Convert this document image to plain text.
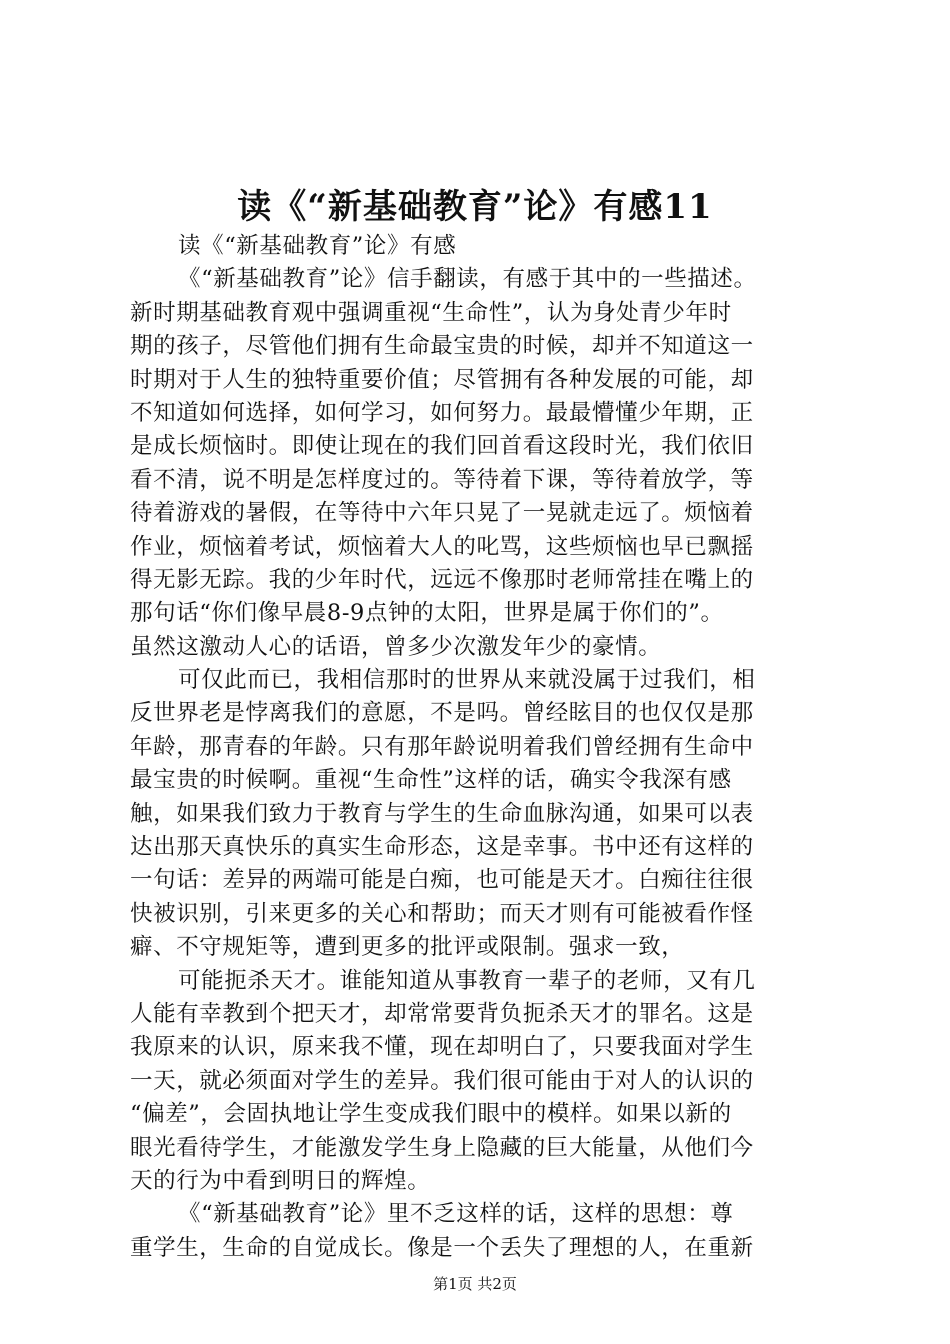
读《“新基础教育”论》有感11
读《“新基础教育”论》有感
《“新基础教育”论》信手翻读，有感于其中的一些描述。
新时期基础教育观中强调重视“生命性”，认为身处青少年时
期的孩子，尽管他们拥有生命最宝贵的时候，却并不知道这一
时期对于人生的独特重要价值；尽管拥有各种发展的可能，却
不知道如何选择，如何学习，如何努力。最最懵懂少年期，正
是成长烦恼时。即使让现在的我们回首看这段时光，我们依旧
看不清，说不明是怎样度过的。等待着下课，等待着放学，等
待着游戏的暑假，在等待中六年只晃了一晃就走远了。烦恼着
作业，烦恼着考试，烦恼着大人的叱骂，这些烦恼也早已飘摇
得无影无踪。我的少年时代，远远不像那时老师常挂在嘴上的
那句话“你们像早晨8-9点钟的太阳，世界是属于你们的”。
虽然这激动人心的话语，曾多少次激发年少的豪情。
可仅此而已，我相信那时的世界从来就没属于过我们，相
反世界老是悖离我们的意愿，不是吗。曾经眩目的也仅仅是那
年龄，那青春的年龄。只有那年龄说明着我们曾经拥有生命中
最宝贵的时候啊。重视“生命性”这样的话，确实令我深有感
触，如果我们致力于教育与学生的生命血脉沟通，如果可以表
达出那天真快乐的真实生命形态，这是幸事。书中还有这样的
一句话：差异的两端可能是白痴，也可能是天才。白痴往往很
快被识别，引来更多的关心和帮助；而天才则有可能被看作怪
癖、不守规矩等，遭到更多的批评或限制。强求一致，
可能扼杀天才。谁能知道从事教育一辈子的老师，又有几
人能有幸教到个把天才，却常常要背负扼杀天才的罪名。这是
我原来的认识，原来我不懂，现在却明白了，只要我面对学生
一天，就必须面对学生的差异。我们很可能由于对人的认识的
“偏差”，会固执地让学生变成我们眼中的模样。如果以新的
眼光看待学生，才能激发学生身上隐藏的巨大能量，从他们今
天的行为中看到明日的辉煌。
《“新基础教育”论》里不乏这样的话，这样的思想：尊
重学生，生命的自觉成长。像是一个丢失了理想的人，在重新
第1页 共2页
